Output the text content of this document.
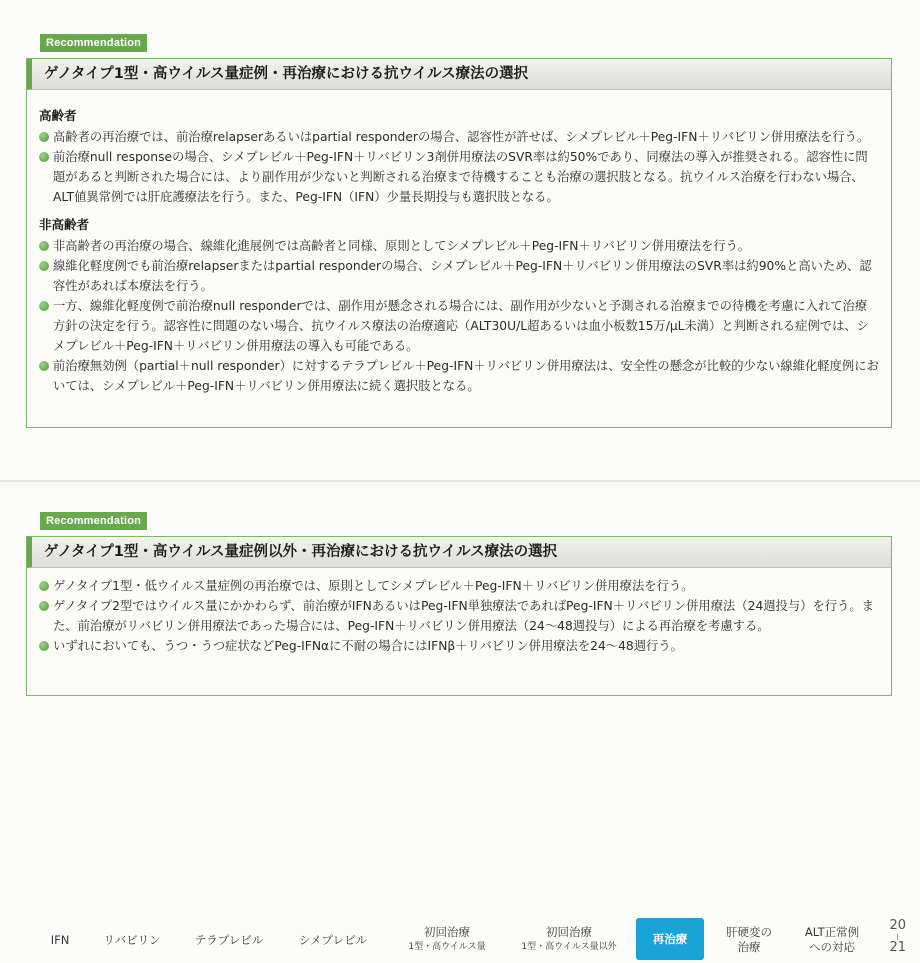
Recommendation
ゲノタイプ1型・高ウイルス量症例・再治療における抗ウイルス療法の選択
高齢者

高齢者の再治療では、前治療relapserあるいはpartial responderの場合、認容性が許せば、シメプレビル＋Peg-IFN＋リバビリン併用療法を行う。

前治療null responseの場合、シメプレビル＋Peg-IFN＋リバビリン3剤併用療法のSVR率は約50%であり、同療法の導入が推奨される。認容性に問題があると判断された場合には、より副作用が少ないと判断される治療まで待機することも治療の選択肢となる。抗ウイルス治療を行わない場合、ALT値異常例では肝庇護療法を行う。また、Peg-IFN（IFN）少量長期投与も選択肢となる。

非高齢者

非高齢者の再治療の場合、線維化進展例では高齢者と同様、原則としてシメプレビル＋Peg-IFN＋リバビリン併用療法を行う。

線維化軽度例でも前治療relapserまたはpartial responderの場合、シメプレビル＋Peg-IFN＋リバビリン併用療法のSVR率は約90%と高いため、認容性があれば本療法を行う。

一方、線維化軽度例で前治療null responderでは、副作用が懸念される場合には、副作用が少ないと予測される治療までの待機を考慮に入れて治療方針の決定を行う。認容性に問題のない場合、抗ウイルス療法の治療適応（ALT30U/L超あるいは血小板数15万/μL未満）と判断される症例では、シメプレビル＋Peg-IFN＋リバビリン併用療法の導入も可能である。

前治療無効例（partial＋null responder）に対するテラプレビル＋Peg-IFN＋リバビリン併用療法は、安全性の懸念が比較的少ない線維化軽度例においては、シメプレビル＋Peg-IFN＋リバビリン併用療法に続く選択肢となる。

Recommendation
ゲノタイプ1型・高ウイルス量症例以外・再治療における抗ウイルス療法の選択

ゲノタイプ1型・低ウイルス量症例の再治療では、原則としてシメプレビル＋Peg-IFN＋リバビリン併用療法を行う。

ゲノタイプ2型ではウイルス量にかかわらず、前治療がIFNあるいはPeg-IFN単独療法であればPeg-IFN＋リバビリン併用療法（24週投与）を行う。また、前治療がリバビリン併用療法であった場合には、Peg-IFN＋リバビリン併用療法（24〜48週投与）による再治療を考慮する。

いずれにおいても、うつ・うつ症状などPeg-IFNαに不耐の場合にはIFNβ＋リバビリン併用療法を24〜48週行う。

IFN	リバビリン	テラプレビル	シメプレビル
初回治療
1型・高ウイルス量
初回治療
1型・高ウイルス量以外
再治療	肝硬変の
治療
ALT正常例
への対応
20
21
